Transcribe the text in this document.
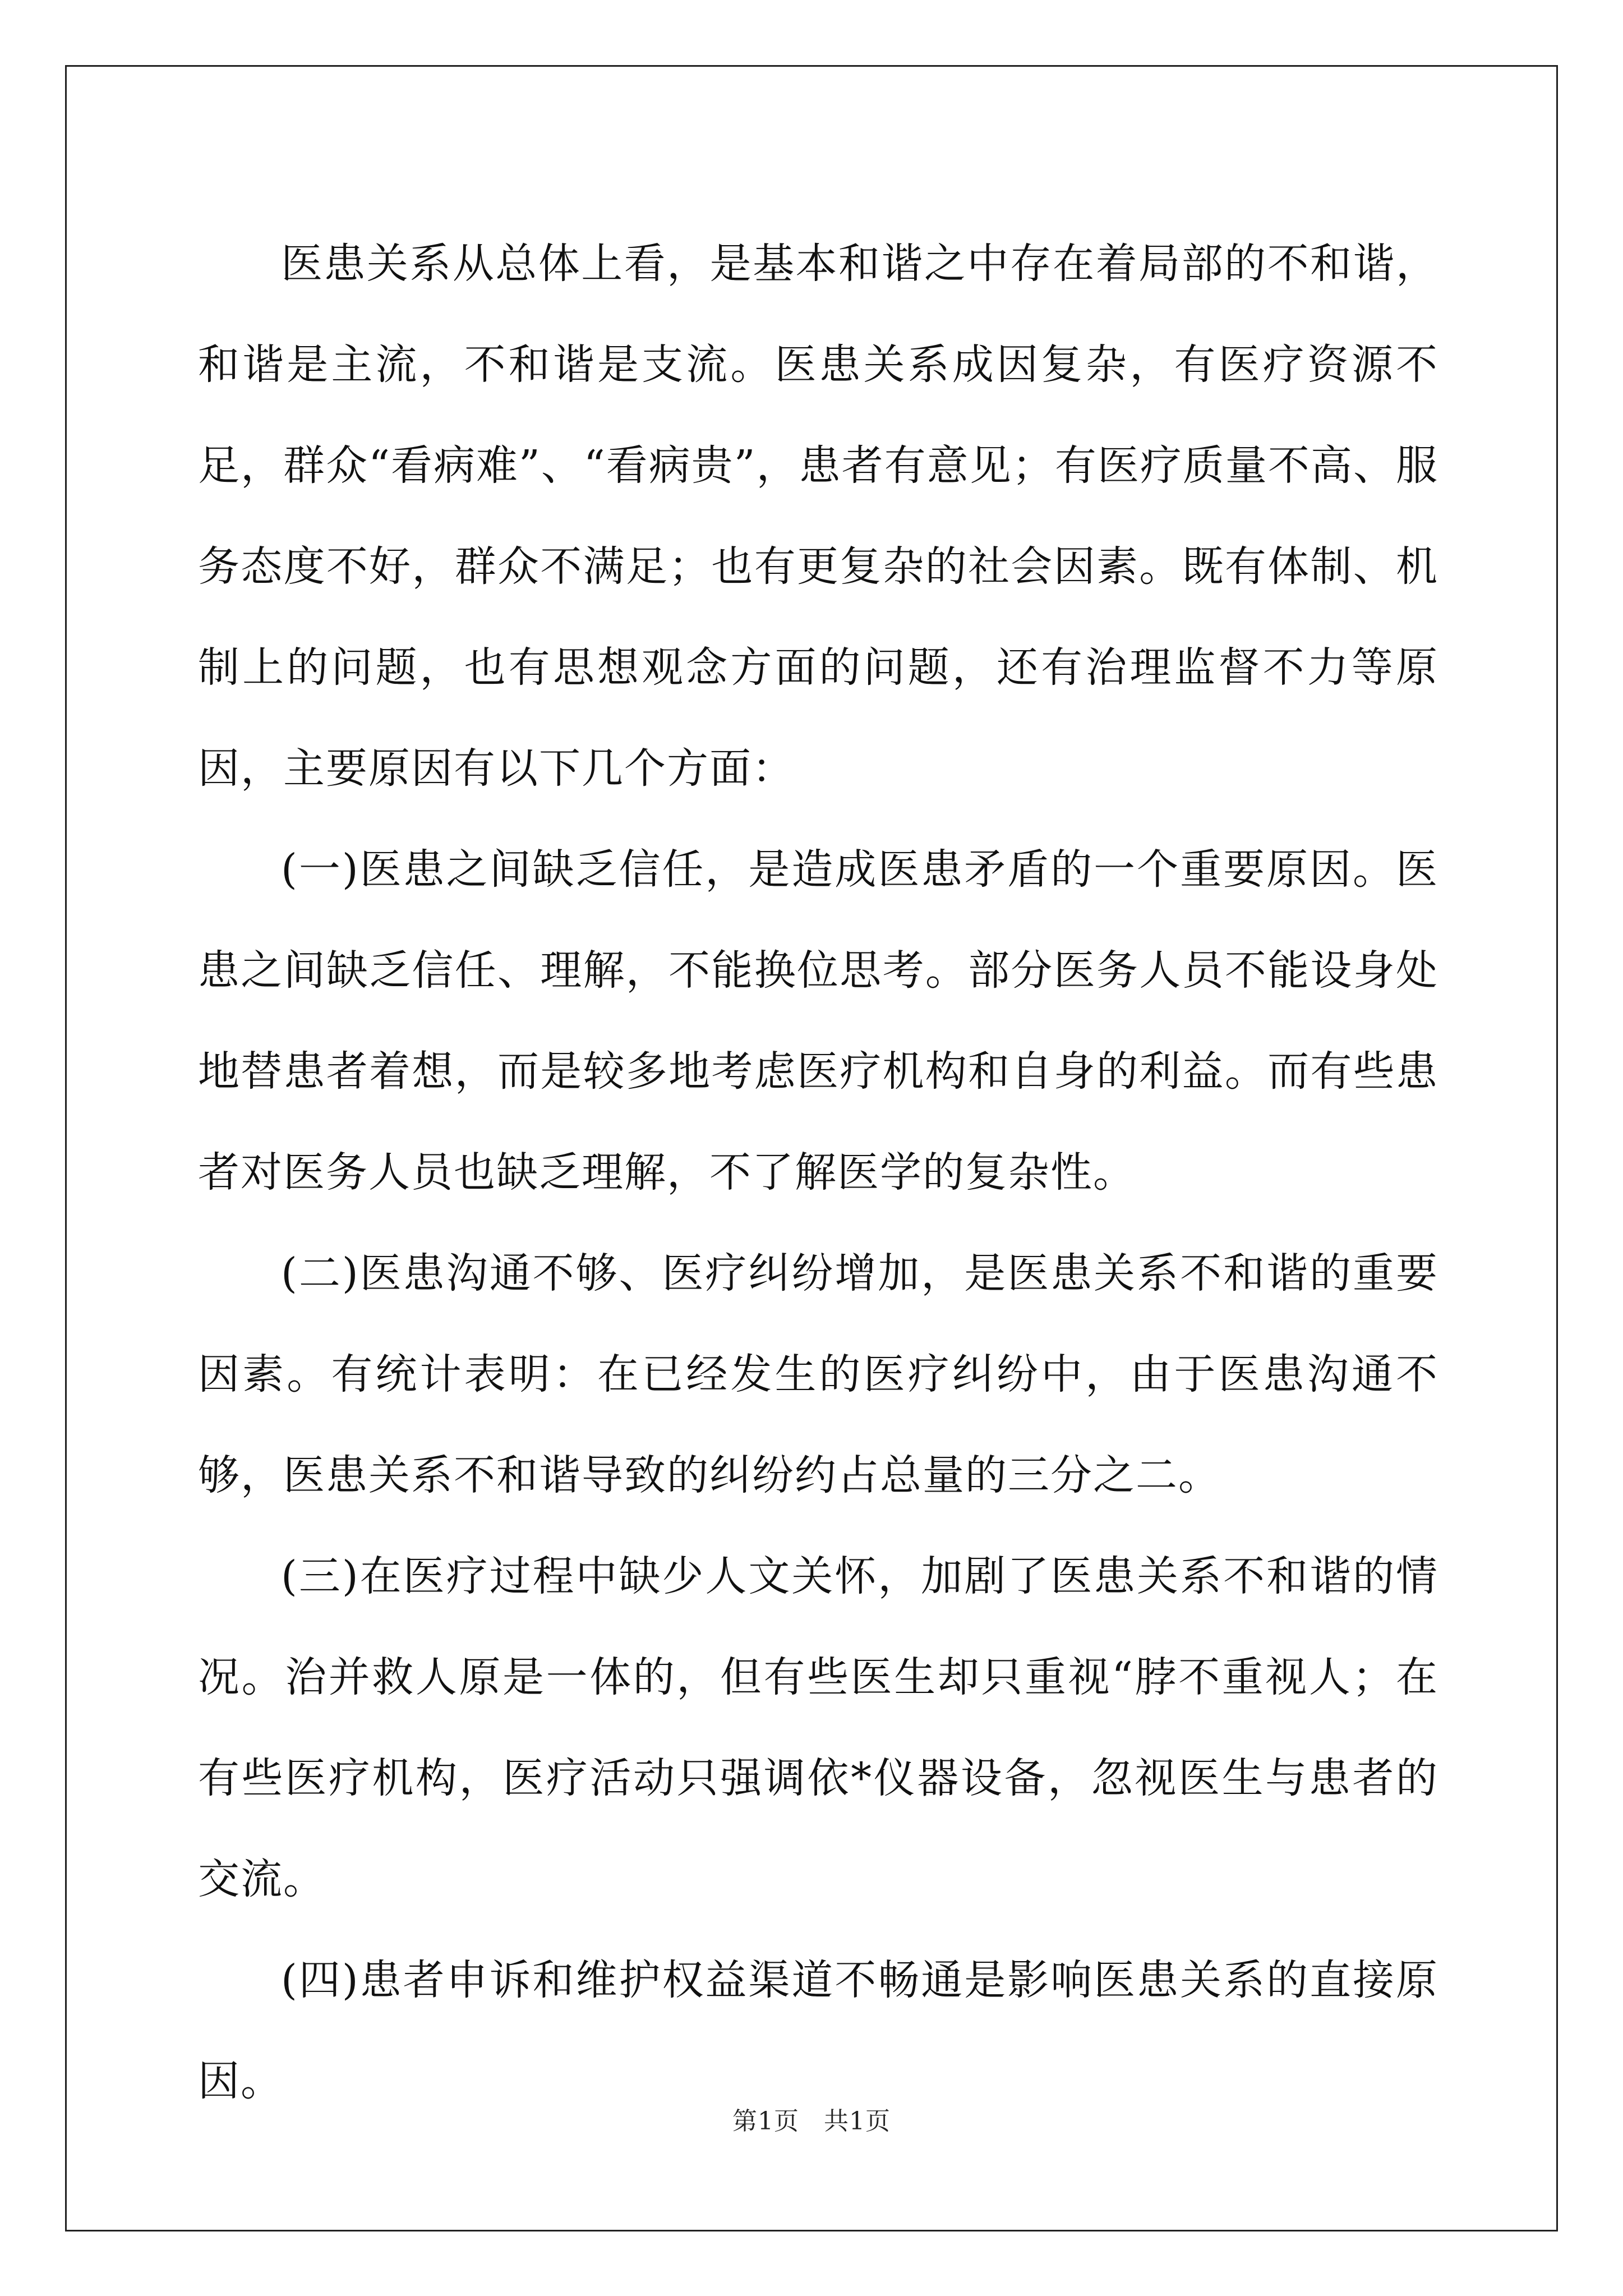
医患关系从总体上看，是基本和谐之中存在着局部的不和谐，和谐是主流，不和谐是支流。医患关系成因复杂，有医疗资源不足，群众“看病难”、“看病贵”，患者有意见；有医疗质量不高、服务态度不好，群众不满足；也有更复杂的社会因素。既有体制、机制上的问题，也有思想观念方面的问题，还有治理监督不力等原因，主要原因有以下几个方面：

(一)医患之间缺乏信任，是造成医患矛盾的一个重要原因。医患之间缺乏信任、理解，不能换位思考。部分医务人员不能设身处地替患者着想，而是较多地考虑医疗机构和自身的利益。而有些患者对医务人员也缺乏理解，不了解医学的复杂性。

(二)医患沟通不够、医疗纠纷增加，是医患关系不和谐的重要因素。有统计表明：在已经发生的医疗纠纷中，由于医患沟通不够，医患关系不和谐导致的纠纷约占总量的三分之二。

(三)在医疗过程中缺少人文关怀，加剧了医患关系不和谐的情况。治并救人原是一体的，但有些医生却只重视“脖不重视人；在有些医疗机构，医疗活动只强调依*仪器设备，忽视医生与患者的交流。

(四)患者申诉和维护权益渠道不畅通是影响医患关系的直接原因。

第1页 共1页
